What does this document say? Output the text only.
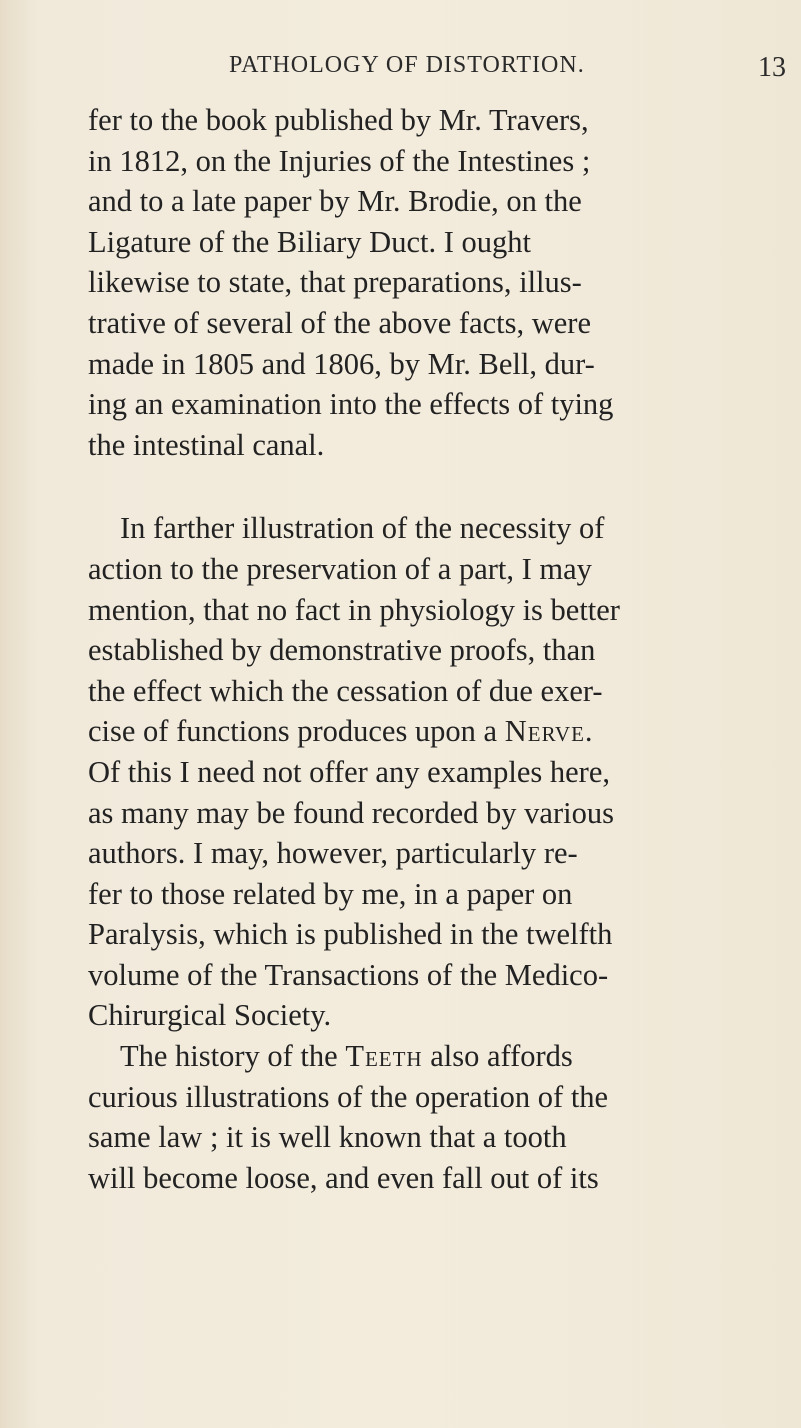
PATHOLOGY OF DISTORTION.	13
fer to the book published by Mr. Travers,
in 1812, on the Injuries of the Intestines ;
and to a late paper by Mr. Brodie, on the
Ligature of the Biliary Duct. I ought
likewise to state, that preparations, illus-
trative of several of the above facts, were
made in 1805 and 1806, by Mr. Bell, dur-
ing an examination into the effects of tying
the intestinal canal.
In farther illustration of the necessity of
action to the preservation of a part, I may
mention, that no fact in physiology is better
established by demonstrative proofs, than
the effect which the cessation of due exer-
cise of functions produces upon a Nerve.
Of this I need not offer any examples here,
as many may be found recorded by various
authors. I may, however, particularly re-
fer to those related by me, in a paper on
Paralysis, which is published in the twelfth
volume of the Transactions of the Medico-
Chirurgical Society.
The history of the Teeth also affords
curious illustrations of the operation of the
same law ; it is well known that a tooth
will become loose, and even fall out of its
